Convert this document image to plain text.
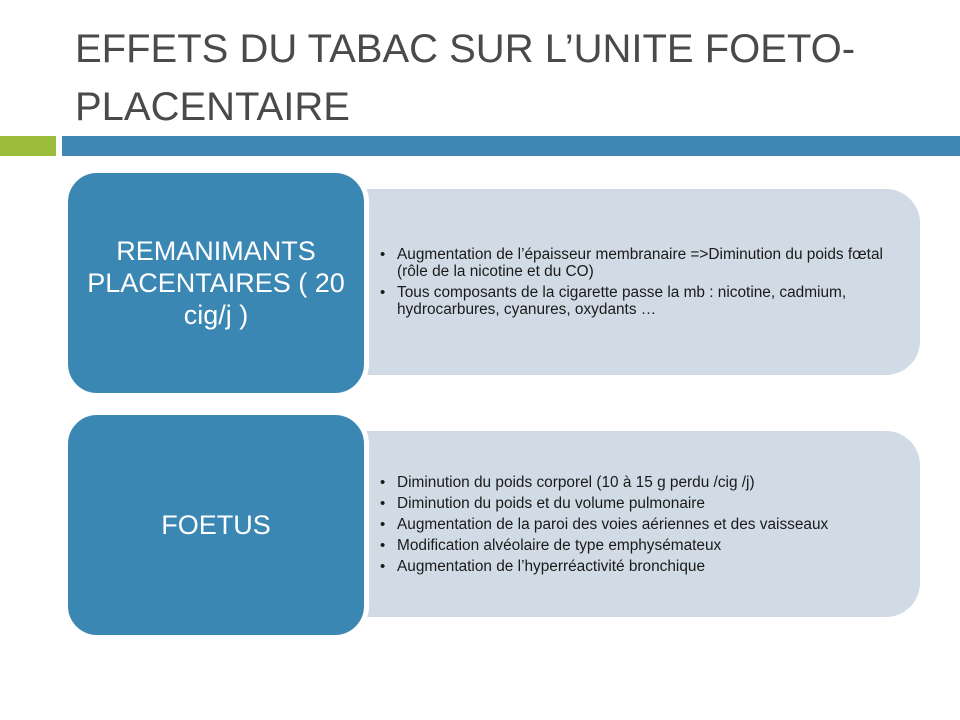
EFFETS DU TABAC SUR L’UNITE FOETO-PLACENTAIRE
• Augmentation de l’épaisseur membranaire =>Diminution du poids fœtal (rôle de la nicotine et du CO)
• Tous composants de la cigarette passe la mb : nicotine, cadmium, hydrocarbures, cyanures, oxydants …
REMANIMANTS PLACENTAIRES ( 20 cig/j )
• Diminution du poids corporel (10 à 15 g perdu /cig /j)
• Diminution du poids et du volume pulmonaire
• Augmentation de la paroi des voies aériennes et des vaisseaux
• Modification alvéolaire de type emphysémateux
• Augmentation de l’hyperréactivité bronchique
FOETUS
